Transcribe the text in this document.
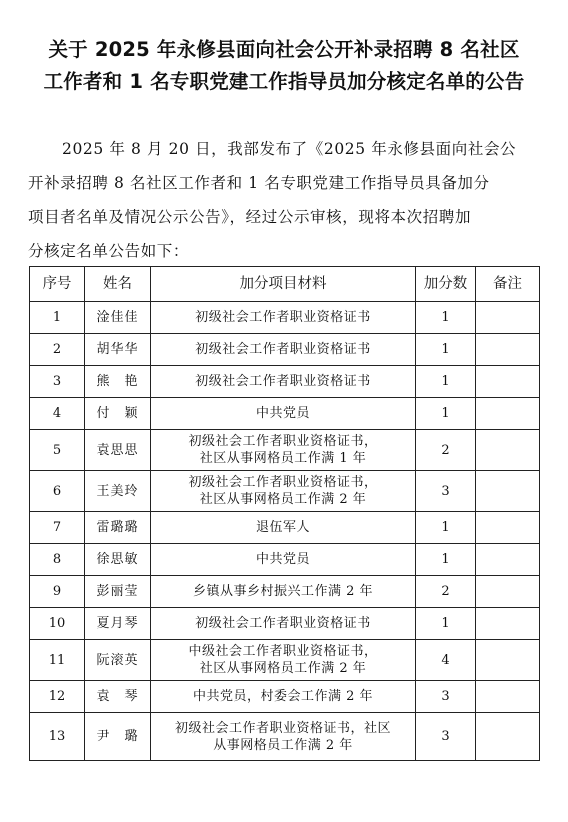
关于 2025 年永修县面向社会公开补录招聘 8 名社区
工作者和 1 名专职党建工作指导员加分核定名单的公告
2025 年 8 月 20 日，我部发布了《2025 年永修县面向社会公
开补录招聘 8 名社区工作者和 1 名专职党建工作指导员具备加分
项目者名单及情况公示公告》，经过公示审核，现将本次招聘加
分核定名单公告如下：
序号	姓名	加分项目材料	加分数	备注
1	淦佳佳	初级社会工作者职业资格证书	1	
2	胡华华	初级社会工作者职业资格证书	1	
3	熊　艳	初级社会工作者职业资格证书	1	
4	付　颖	中共党员	1	
5	袁思思	初级社会工作者职业资格证书，
社区从事网格员工作满 1 年	2	
6	王美玲	初级社会工作者职业资格证书，
社区从事网格员工作满 2 年	3	
7	雷璐璐	退伍军人	1	
8	徐思敏	中共党员	1	
9	彭丽莹	乡镇从事乡村振兴工作满 2 年	2	
10	夏月琴	初级社会工作者职业资格证书	1	
11	阮滚英	中级社会工作者职业资格证书，
社区从事网格员工作满 2 年	4	
12	袁　琴	中共党员，村委会工作满 2 年	3	
13	尹　璐	初级社会工作者职业资格证书，社区
从事网格员工作满 2 年	3	
